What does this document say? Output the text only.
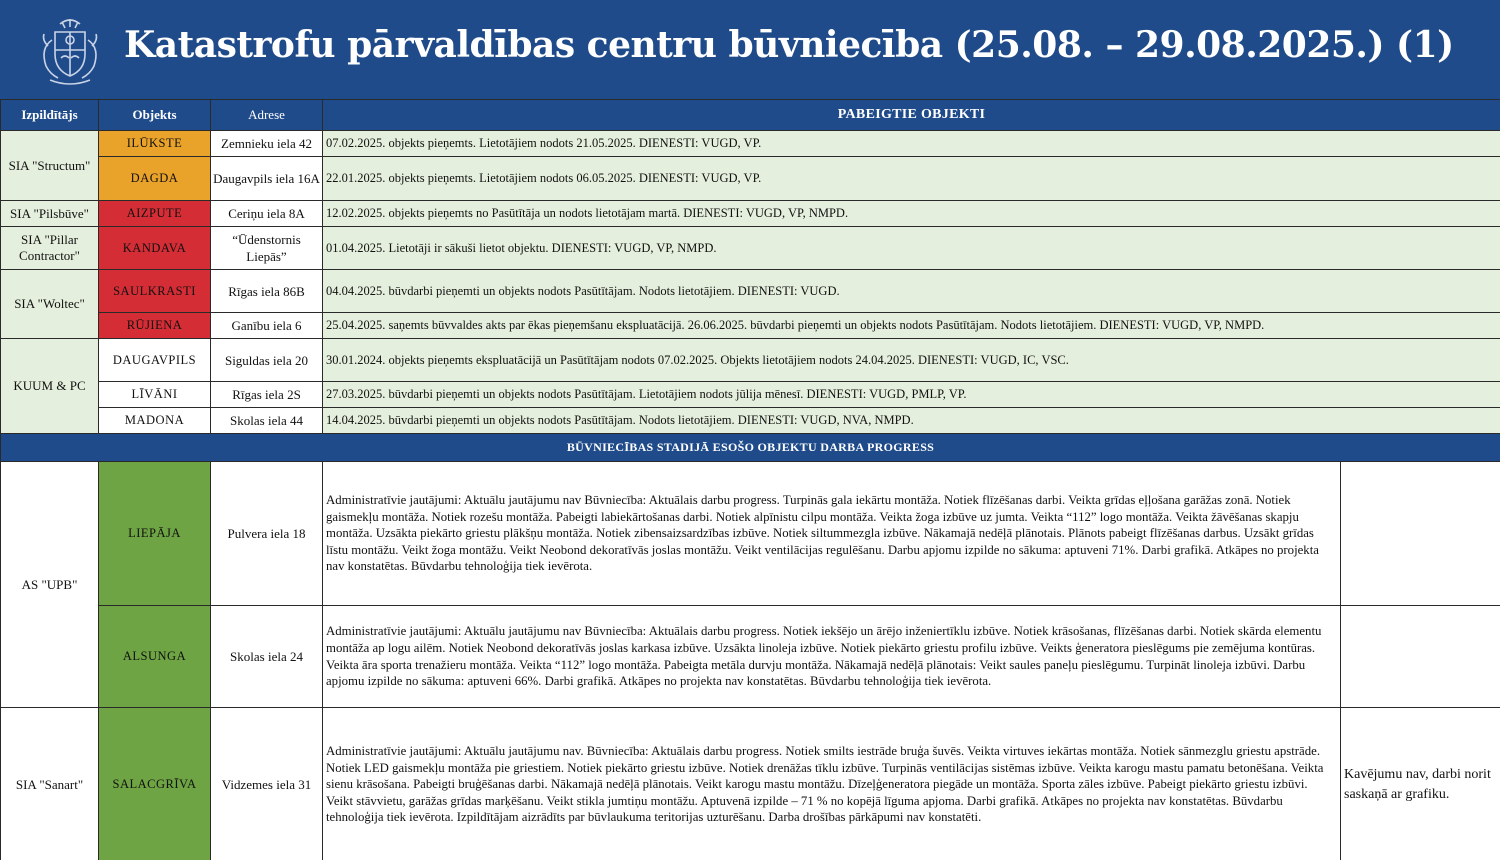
Katastrofu pārvaldības centru būvniecība (25.08. – 29.08.2025.) (1)
Izpildītājs	Objekts	Adrese	PABEIGTIE OBJEKTI	
SIA "Structum"	ILŪKSTE	Zemnieku iela 42	07.02.2025. objekts pieņemts. Lietotājiem nodots 21.05.2025. DIENESTI: VUGD, VP.	
	DAGDA	Daugavpils iela 16A	22.01.2025. objekts pieņemts. Lietotājiem nodots 06.05.2025. DIENESTI: VUGD, VP.	
SIA "Pilsbūve"	AIZPUTE	Ceriņu iela 8A	12.02.2025. objekts pieņemts no Pasūtītāja un nodots lietotājam martā. DIENESTI: VUGD, VP, NMPD.	
SIA "Pillar Contractor"	KANDAVA	“Ūdenstornis Liepās”	01.04.2025. Lietotāji ir sākuši lietot objektu. DIENESTI: VUGD, VP, NMPD.	
SIA "Woltec"	SAULKRASTI	Rīgas iela 86B	04.04.2025. būvdarbi pieņemti un objekts nodots Pasūtītājam. Nodots lietotājiem. DIENESTI: VUGD.	
	RŪJIENA	Ganību iela 6	25.04.2025. saņemts būvvaldes akts par ēkas pieņemšanu ekspluatācijā. 26.06.2025. būvdarbi pieņemti un objekts nodots Pasūtītājam. Nodots lietotājiem. DIENESTI: VUGD, VP, NMPD.	
KUUM & PC	DAUGAVPILS	Siguldas iela 20	30.01.2024. objekts pieņemts ekspluatācijā un Pasūtītājam nodots 07.02.2025. Objekts lietotājiem nodots 24.04.2025. DIENESTI: VUGD, IC, VSC.	
	LĪVĀNI	Rīgas iela 2S	27.03.2025. būvdarbi pieņemti un objekts nodots Pasūtītājam. Lietotājiem nodots jūlija mēnesī. DIENESTI: VUGD, PMLP, VP.	
	MADONA	Skolas iela 44	14.04.2025. būvdarbi pieņemti un objekts nodots Pasūtītājam. Nodots lietotājiem. DIENESTI: VUGD, NVA, NMPD.	
BŪVNIECĪBAS STADIJĀ ESOŠO OBJEKTU DARBA PROGRESS				
AS "UPB"	LIEPĀJA	Pulvera iela 18	Administratīvie jautājumi: Aktuālu jautājumu nav Būvniecība: Aktuālais darbu progress. Turpinās gala iekārtu montāža. Notiek flīzēšanas darbi. Veikta grīdas eļļošana garāžas zonā. Notiek gaismekļu montāža. Notiek rozešu montāža. Pabeigti labiekārtošanas darbi. Notiek alpīnistu cilpu montāža. Veikta žoga izbūve uz jumta. Veikta “112” logo montāža. Veikta žāvēšanas skapju montāža. Uzsākta piekārto griestu plākšņu montāža. Notiek zibensaizsardzības izbūve. Notiek siltummezgla izbūve. Nākamajā nedēļā plānotais. Plānots pabeigt flīzēšanas darbus. Uzsākt grīdas līstu montāžu. Veikt žoga montāžu. Veikt Neobond dekoratīvās joslas montāžu. Veikt ventilācijas regulēšanu. Darbu apjomu izpilde no sākuma: aptuveni 71%. Darbi grafikā. Atkāpes no projekta nav konstatētas. Būvdarbu tehnoloģija tiek ievērota.	
	ALSUNGA	Skolas iela 24	Administratīvie jautājumi: Aktuālu jautājumu nav Būvniecība: Aktuālais darbu progress. Notiek iekšējo un ārējo inženiertīklu izbūve. Notiek krāsošanas, flīzēšanas darbi. Notiek skārda elementu montāža ap logu ailēm. Notiek Neobond dekoratīvās joslas karkasa izbūve. Uzsākta linoleja izbūve. Notiek piekārto griestu profilu izbūve. Veikts ģeneratora pieslēgums pie zemējuma kontūras. Veikta āra sporta trenažieru montāža. Veikta “112” logo montāža. Pabeigta metāla durvju montāža. Nākamajā nedēļā plānotais: Veikt saules paneļu pieslēgumu. Turpināt linoleja izbūvi. Darbu apjomu izpilde no sākuma: aptuveni 66%. Darbi grafikā. Atkāpes no projekta nav konstatētas. Būvdarbu tehnoloģija tiek ievērota.	
SIA "Sanart"	SALACGRĪVA	Vidzemes iela 31	Administratīvie jautājumi: Aktuālu jautājumu nav. Būvniecība: Aktuālais darbu progress. Notiek smilts iestrāde bruģa šuvēs. Veikta virtuves iekārtas montāža. Notiek sānmezglu griestu apstrāde. Notiek LED gaismekļu montāža pie griestiem. Notiek piekārto griestu izbūve. Notiek drenāžas tīklu izbūve. Turpinās ventilācijas sistēmas izbūve. Veikta karogu mastu pamatu betonēšana. Veikta sienu krāsošana. Pabeigti bruģēšanas darbi. Nākamajā nedēļā plānotais. Veikt karogu mastu montāžu. Dīzeļģeneratora piegāde un montāža. Sporta zāles izbūve. Pabeigt piekārto griestu izbūvi. Veikt stāvvietu, garāžas grīdas marķēšanu. Veikt stikla jumtiņu montāžu. Aptuvenā izpilde – 71 % no kopējā līguma apjoma. Darbi grafikā. Atkāpes no projekta nav konstatētas. Būvdarbu tehnoloģija tiek ievērota. Izpildītājam aizrādīts par būvlaukuma teritorijas uzturēšanu. Darba drošības pārkāpumi nav konstatēti.	Kavējumu nav, darbi norit saskaņā ar grafiku.
